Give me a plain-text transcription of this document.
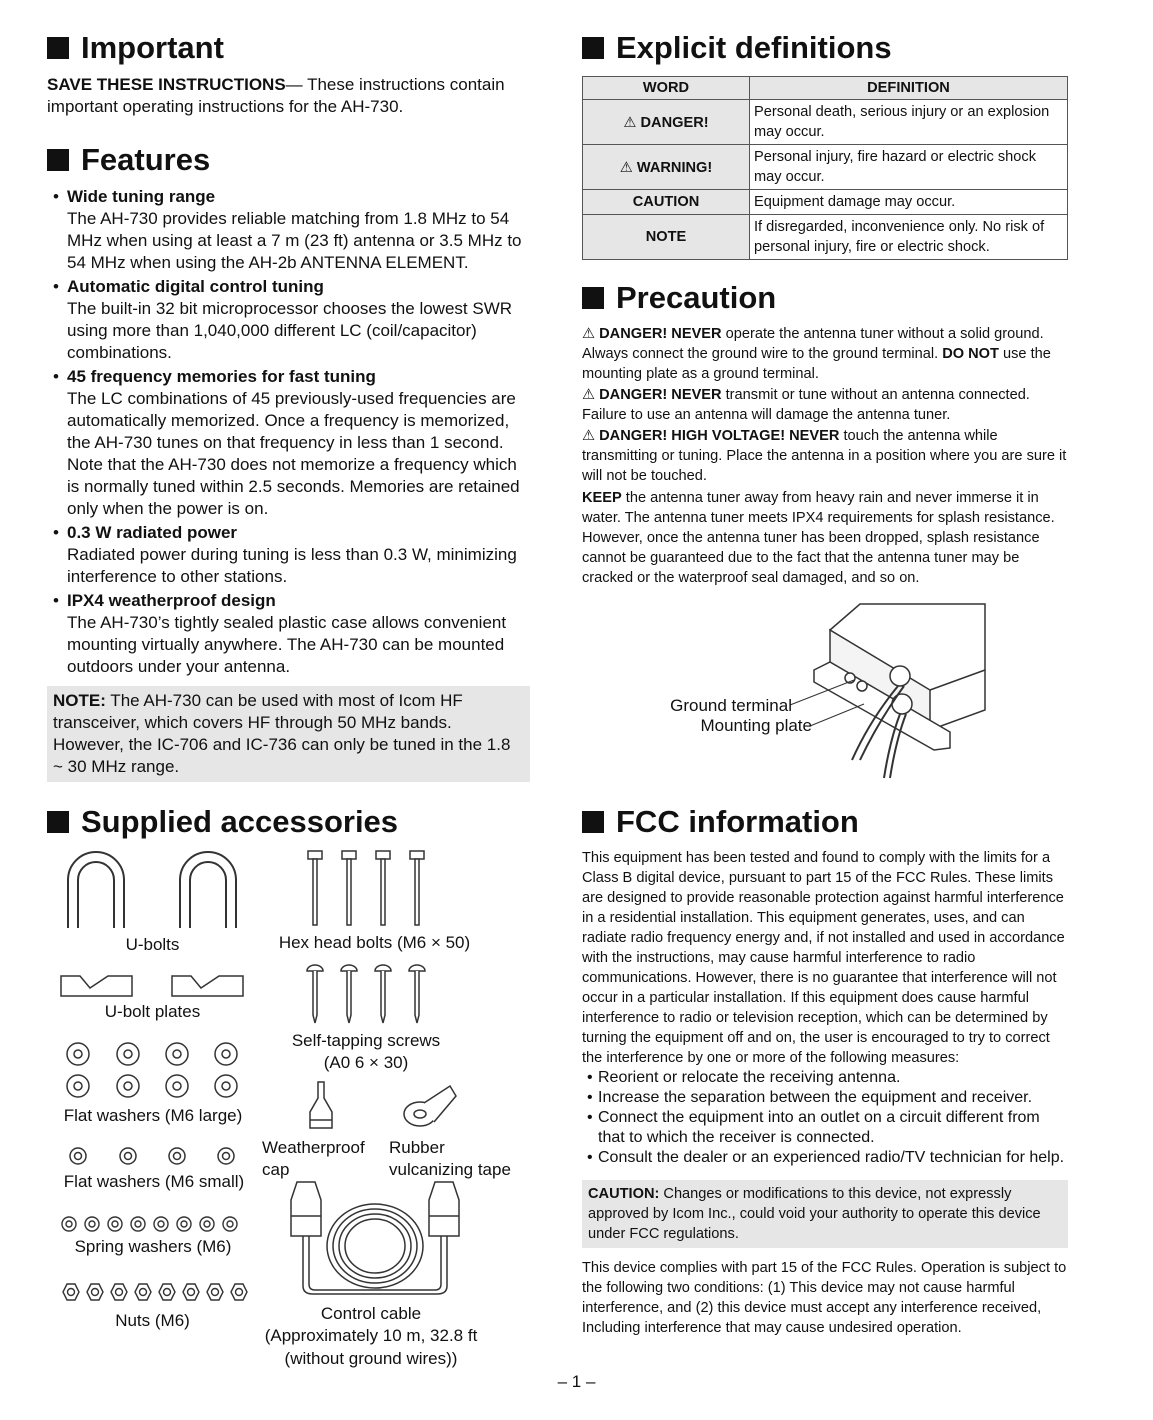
Important

SAVE THESE INSTRUCTIONS— These instructions contain important operating instructions for the AH-730.

Features
• Wide tuning range
The AH-730 provides reliable matching from 1.8 MHz to 54 MHz when using at least a 7 m (23 ft) antenna or 3.5 MHz to 54 MHz when using the AH-2b ANTENNA ELEMENT.
• Automatic digital control tuning
The built-in 32 bit microprocessor chooses the lowest SWR using more than 1,040,000 different LC (coil/capacitor) combinations.
• 45 frequency memories for fast tuning
The LC combinations of 45 previously-used frequencies are automatically memorized. Once a frequency is memorized, the AH-730 tunes on that frequency in less than 1 second. Note that the AH-730 does not memorize a frequency which is normally tuned within 2.5 seconds. Memories are retained only when the power is on.
• 0.3 W radiated power
Radiated power during tuning is less than 0.3 W, minimizing interference to other stations.
• IPX4 weatherproof design
The AH-730’s tightly sealed plastic case allows convenient mounting virtually anywhere. The AH-730 can be mounted outdoors under your antenna.
NOTE: The AH-730 can be used with most of Icom HF transceiver, which covers HF through 50 MHz bands. However, the IC-706 and IC-736 can only be tuned in the 1.8 ~ 30 MHz range.
Supplied accessories
U-bolts	Hex head bolts (M6 × 50)
U-bolt plates
Self-tapping screws
(A0 6 × 30)
Flat washers (M6 large)
Weatherproof
cap
Rubber
vulcanizing tape
Flat washers (M6 small)
Spring washers (M6)
Nuts (M6)	Control cable
(Approximately 10 m, 32.8 ft
(without ground wires))
Explicit definitions
WORD	DEFINITION
⚠ DANGER!	Personal death, serious injury or an explosion may occur.
⚠ WARNING!	Personal injury, fire hazard or electric shock may occur.
CAUTION	Equipment damage may occur.
NOTE	If disregarded, inconvenience only. No risk of personal injury, fire or electric shock.
Precaution

⚠ DANGER! NEVER operate the antenna tuner without a solid ground. Always connect the ground wire to the ground terminal. DO NOT use the mounting plate as a ground terminal.

⚠ DANGER! NEVER transmit or tune without an antenna connected. Failure to use an antenna will damage the antenna tuner.

⚠ DANGER! HIGH VOLTAGE! NEVER touch the antenna while transmitting or tuning. Place the antenna in a position where you are sure it will not be touched.

KEEP the antenna tuner away from heavy rain and never immerse it in water. The antenna tuner meets IPX4 requirements for splash resistance. However, once the antenna tuner has been dropped, splash resistance cannot be guaranteed due to the fact that the antenna tuner may be cracked or the waterproof seal damaged, and so on.

Ground terminal
Mounting plate
FCC information

This equipment has been tested and found to comply with the limits for a Class B digital device, pursuant to part 15 of the FCC Rules. These limits are designed to provide reasonable protection against harmful interference in a residential installation. This equipment generates, uses, and can radiate radio frequency energy and, if not installed and used in accordance with the instructions, may cause harmful interference to radio communications. However, there is no guarantee that interference will not occur in a particular installation. If this equipment does cause harmful interference to radio or television reception, which can be determined by turning the equipment off and on, the user is encouraged to try to correct the interference by one or more of the following measures:

• Reorient or relocate the receiving antenna.
• Increase the separation between the equipment and receiver.
• Connect the equipment into an outlet on a circuit different from that to which the receiver is connected.
• Consult the dealer or an experienced radio/TV technician for help.
CAUTION: Changes or modifications to this device, not expressly approved by Icom Inc., could void your authority to operate this device under FCC regulations.

This device complies with part 15 of the FCC Rules. Operation is subject to the following two conditions: (1) This device may not cause harmful interference, and (2) this device must accept any interference received, Including interference that may cause undesired operation.

– 1 –
